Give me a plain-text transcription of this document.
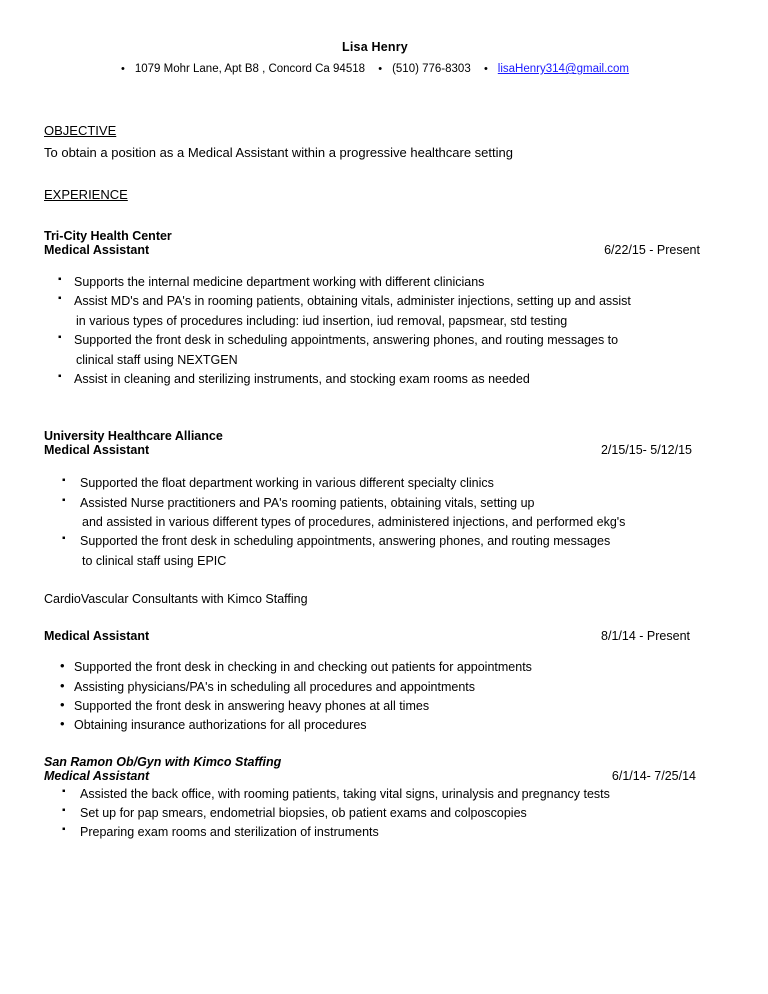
Lisa Henry
• 1079 Mohr Lane, Apt B8 , Concord Ca 94518 • (510) 776-8303 • lisaHenry314@gmail.com
OBJECTIVE

To obtain a position as a Medical Assistant within a progressive healthcare setting

EXPERIENCE
Tri-City Health Center
Medical Assistant	6/22/15 - Present
▪ Supports the internal medicine department working with different clinicians
▪ Assist MD's and PA's in rooming patients, obtaining vitals, administer injections, setting up and assist
in various types of procedures including: iud insertion, iud removal, papsmear, std testing
▪ Supported the front desk in scheduling appointments, answering phones, and routing messages to
clinical staff using NEXTGEN
▪ Assist in cleaning and sterilizing instruments, and stocking exam rooms as needed
University Healthcare Alliance
Medical Assistant	2/15/15- 5/12/15
▪ Supported the float department working in various different specialty clinics
▪ Assisted Nurse practitioners and PA's rooming patients, obtaining vitals, setting up
and assisted in various different types of procedures, administered injections, and performed ekg's
▪ Supported the front desk in scheduling appointments, answering phones, and routing messages
to clinical staff using EPIC
CardioVascular Consultants with Kimco Staffing
Medical Assistant	8/1/14 - Present
• Supported the front desk in checking in and checking out patients for appointments
• Assisting physicians/PA's in scheduling all procedures and appointments
• Supported the front desk in answering heavy phones at all times
• Obtaining insurance authorizations for all procedures
San Ramon Ob/Gyn with Kimco Staffing
Medical Assistant	6/1/14- 7/25/14
▪ Assisted the back office, with rooming patients, taking vital signs, urinalysis and pregnancy tests
▪ Set up for pap smears, endometrial biopsies, ob patient exams and colposcopies
▪ Preparing exam rooms and sterilization of instruments
